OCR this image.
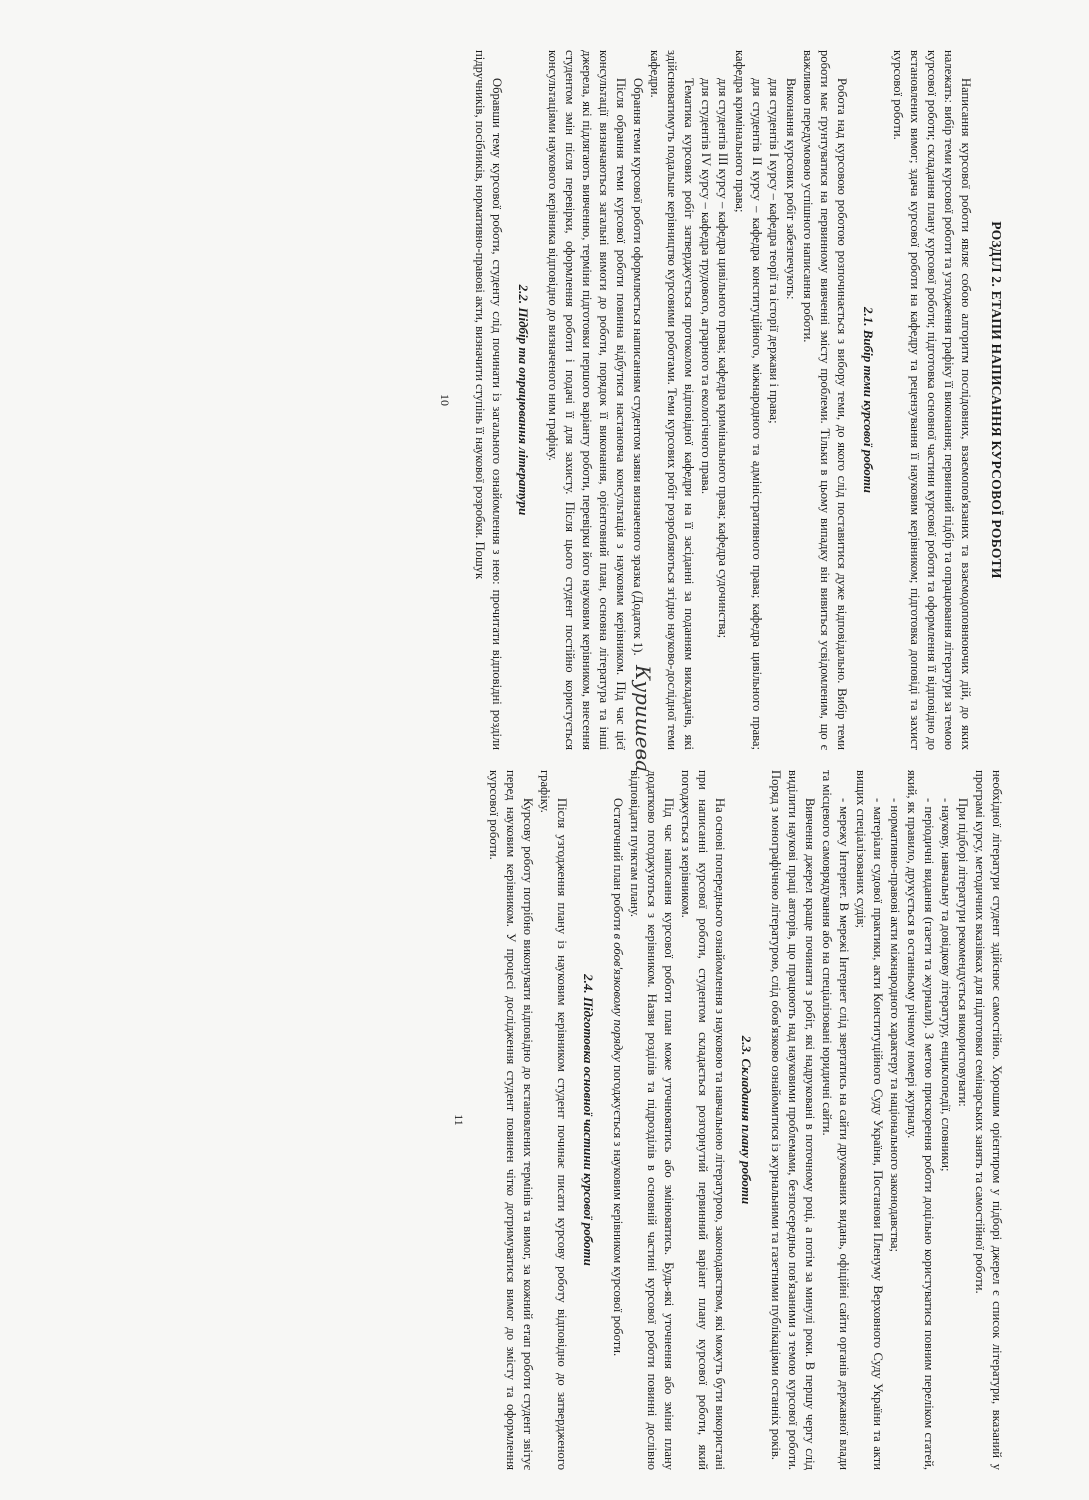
РОЗДІЛ 2. ЕТАПИ НАПИСАННЯ КУРСОВОЇ РОБОТИ

Написання курсової роботи являє собою алгоритм послідовних, взаємопов'язаних та взаємодоповнюючих дій, до яких належать: вибір теми курсової роботи та узгодження графіку її виконання; первинний підбір та опрацювання літератури за темою курсової роботи; складання плану курсової роботи; підготовка основної частини курсової роботи та оформлення її відповідно до встановлених вимог; здача курсової роботи на кафедру та рецензування її науковим керівником; підготовка доповіді та захист курсової роботи.

2.1. Вибір теми курсової роботи

Робота над курсовою роботою розпочинається з вибору теми, до якого слід поставитися дуже відповідально. Вибір теми роботи має ґрунтуватися на первинному вивченні змісту проблеми. Тільки в цьому випадку він вивиться усвідомленим, що є важливою передумовою успішного написання роботи.

Виконання курсових робіт забезпечують:

для студентів І курсу – кафедра теорії та історії держави і права;

для студентів ІІ курсу – кафедра конституційного, міжнародного та адміністративного права; кафедра цивільного права; кафедра кримінального права;

для студентів ІІІ курсу – кафедра цивільного права; кафедра кримінального права; кафедра судочинства;

для студентів ІV курсу – кафедра трудового, аграрного та екологічного права.

Тематика курсових робіт затверджується протоколом відповідної кафедри на її засіданні за поданням викладачів, які здійснюватимуть подальше керівництво курсовими роботами. Теми курсових робіт розробляються згідно науково-дослідної теми кафедри.

Обрання теми курсової роботи оформлюється написанням студентом заяви визначеного зразка (Додаток 1).

Після обрання теми курсової роботи повинна відбутися настановча консультація з науковим керівником. Під час цієї консультації визначаються загальні вимоги до роботи, порядок її виконання, орієнтовний план, основна література та інші джерела, які підлягають вивченню, терміни підготовки першого варіанту роботи, перевірки його науковим керівником, внесення студентом змін після перевірки, оформлення роботи і подачі її для захисту. Після цього студент постійно користується консультаціями наукового керівника відповідно до визначеного ним графіку.

2.2. Підбір та опрацювання літератури

Обравши тему курсової роботи, студенту слід починати із загального ознайомлення з нею: прочитати відповідні розділи підручників, посібників, нормативно-правові акти, визначити ступінь її наукової розробки. Пошук

10
Куришева

необхідної літератури студент здійснює самостійно. Хорошим орієнтиром у підборі джерел є список літератури, вказаний у програмі курсу, методичних вказівках для підготовки семінарських занять та самостійної роботи.

При підборі літератури рекомендується використовувати:

- наукову, навчальну та довідкову літературу, енциклопедії, словники;

- періодичні видання (газети та журнали). З метою прискорення роботи доцільно користуватися повним переліком статей, який, як правило, друкується в останньому річному номері журналу.

- нормативно-правові акти міжнародного характеру та національного законодавства;

- матеріали судової практики, акти Конституційного Суду України, Постанови Пленуму Верховного Суду України та акти вищих спеціалізованих судів;

- мережу Інтернет. В мережі Інтернет слід звертатись на сайти друкованих видань, офіційні сайти органів державної влади та місцевого самоврядування або на спеціалізовані юридичні сайти.

Вивчення джерел краще починати з робіт, які надруковані в поточному році, а потім за минулі роки. В першу чергу слід виділити наукові праці авторів, що працюють над науковими проблемами, безпосередньо пов'язаними з темою курсової роботи. Поряд з монографічною літературою, слід обов'язково ознайомитися із журнальними та газетними публікаціями останніх років.

2.3. Складання плану роботи

На основі попереднього ознайомлення з науковою та навчальною літературою, законодавством, які можуть бути використані при написанні курсової роботи, студентом складається розгорнутий первинний варіант плану курсової роботи, який погоджується з керівником.

Під час написання курсової роботи план може уточнюватись або змінюватись. Будь-які уточнення або зміни плану додатково погоджуються з керівником. Назви розділів та підрозділів в основній частині курсової роботи повинні дослівно відповідати пунктам плану.

Остаточний план роботи в обов'язковому порядку погоджується з науковим керівником курсової роботи.

2.4. Підготовка основної частини курсової роботи

Після узгодження плану із науковим керівником студент починає писати курсову роботу відповідно до затвердженого графіку.

Курсову роботу потрібно виконувати відповідно до встановлених термінів та вимог, за кожний етап роботи студент звітує перед науковим керівником. У процесі дослідження студент повинен чітко дотримуватися вимог до змісту та оформлення курсової роботи.

11
